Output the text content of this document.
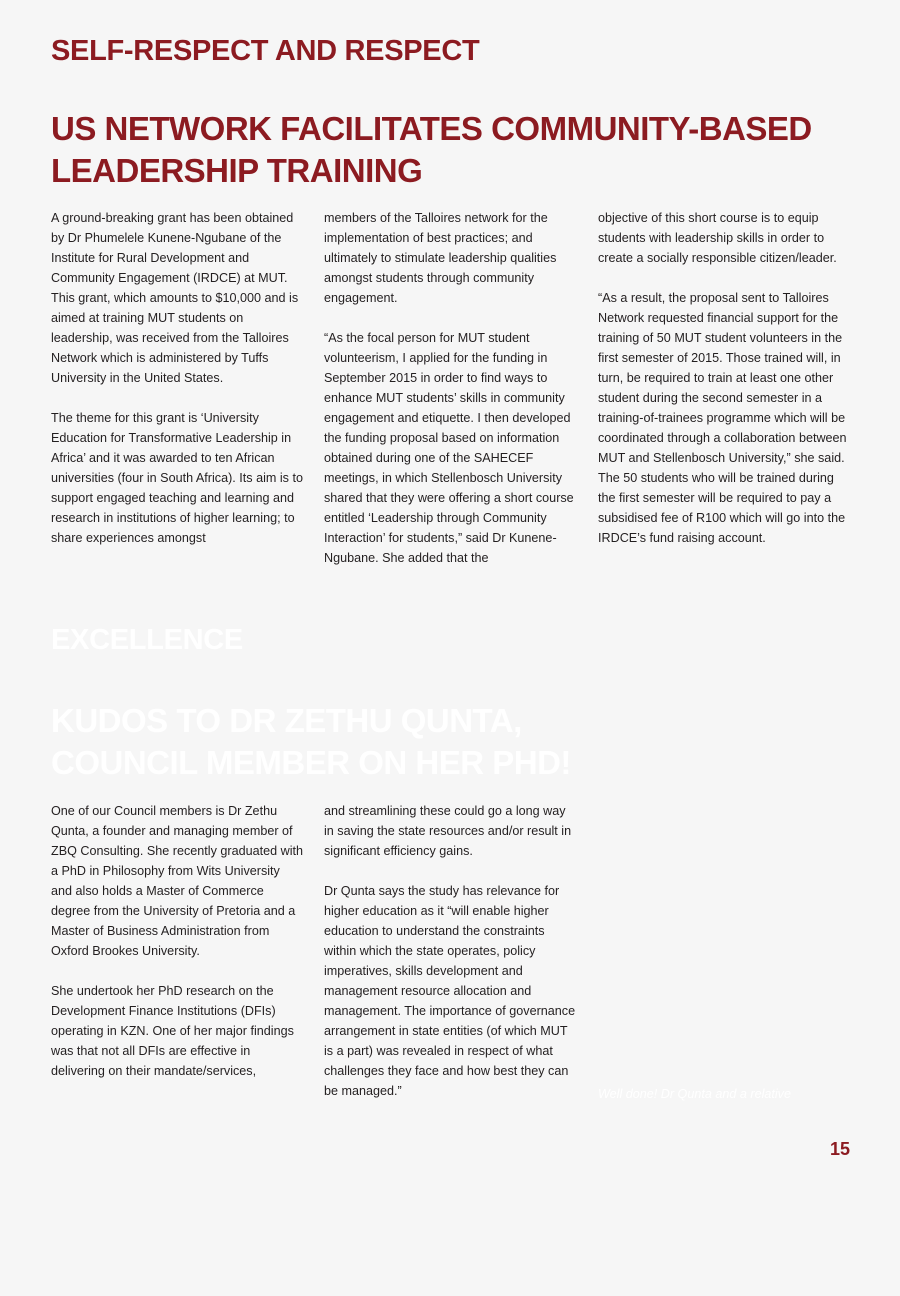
SELF-RESPECT AND RESPECT
US NETWORK FACILITATES COMMUNITY-BASED
LEADERSHIP TRAINING

A ground-breaking grant has been obtained by Dr Phumelele Kunene-Ngubane of the Institute for Rural Development and Community Engagement (IRDCE) at MUT. This grant, which amounts to $10,000 and is aimed at training MUT students on leadership, was received from the Talloires Network which is administered by Tuffs University in the United States.

The theme for this grant is ‘University Education for Transformative Leadership in Africa’ and it was awarded to ten African universities (four in South Africa). Its aim is to support engaged teaching and learning and research in institutions of higher learning; to share experiences amongst

members of the Talloires network for the implementation of best practices; and ultimately to stimulate leadership qualities amongst students through community engagement.

“As the focal person for MUT student volunteerism, I applied for the funding in September 2015 in order to find ways to enhance MUT students’ skills in community engagement and etiquette. I then developed the funding proposal based on information obtained during one of the SAHECEF meetings, in which Stellenbosch University shared that they were offering a short course entitled ‘Leadership through Community Interaction’ for students,” said Dr Kunene-Ngubane. She added that the

objective of this short course is to equip students with leadership skills in order to create a socially responsible citizen/leader.

“As a result, the proposal sent to Talloires Network requested financial support for the training of 50 MUT student volunteers in the first semester of 2015. Those trained will, in turn, be required to train at least one other student during the second semester in a training-of-trainees programme which will be coordinated through a collaboration between MUT and Stellenbosch University,” she said. The 50 students who will be trained during the first semester will be required to pay a subsidised fee of R100 which will go into the IRDCE’s fund raising account.

EXCELLENCE
KUDOS TO DR ZETHU QUNTA,
COUNCIL MEMBER ON HER PHD!

One of our Council members is Dr Zethu Qunta, a founder and managing member of ZBQ Consulting. She recently graduated with a PhD in Philosophy from Wits University and also holds a Master of Commerce degree from the University of Pretoria and a Master of Business Administration from Oxford Brookes University.

She undertook her PhD research on the Development Finance Institutions (DFIs) operating in KZN. One of her major findings was that not all DFIs are effective in delivering on their mandate/services,

and streamlining these could go a long way in saving the state resources and/or result in significant efficiency gains.

Dr Qunta says the study has relevance for higher education as it “will enable higher education to understand the constraints within which the state operates, policy imperatives, skills development and management resource allocation and management. The importance of governance arrangement in state entities (of which MUT is a part) was revealed in respect of what challenges they face and how best they can be managed.”	Well done! Dr Qunta and a relative
15
